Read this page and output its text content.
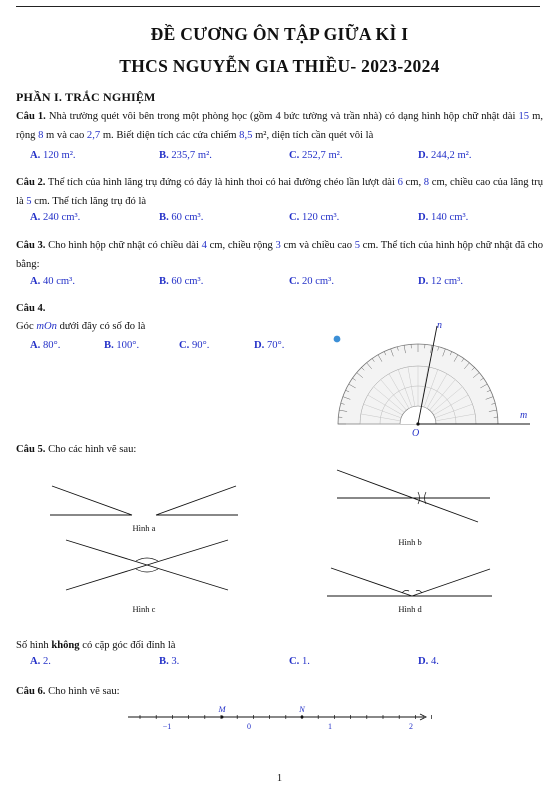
ĐỀ CƯƠNG ÔN TẬP GIỮA KÌ I
THCS NGUYỄN GIA THIỀU- 2023-2024
PHẦN I. TRẮC NGHIỆM
Câu 1. Nhà trường quét vôi bên trong một phòng học (gồm 4 bức tường và trần nhà) có dạng hình hộp chữ nhật dài 15 m, rộng 8 m và cao 2,7 m. Biết diện tích các cửa chiếm 8,5 m², diện tích cần quét vôi là
A. 120 m².	B. 235,7 m².	C. 252,7 m².	D. 244,2 m².
Câu 2. Thể tích của hình lăng trụ đứng có đáy là hình thoi có hai đường chéo lần lượt dài 6 cm, 8 cm, chiều cao của lăng trụ là 5 cm. Thể tích lăng trụ đó là
A. 240 cm³.	B. 60 cm³.	C. 120 cm³.	D. 140 cm³.
Câu 3. Cho hình hộp chữ nhật có chiều dài 4 cm, chiều rộng 3 cm và chiều cao 5 cm. Thể tích của hình hộp chữ nhật đã cho bằng:
A. 40 cm³.	B. 60 cm³.	C. 20 cm³.	D. 12 cm³.
Câu 4.
Góc mOn dưới đây có số đo là
A. 80°.	B. 100°.	C. 90°.	D. 70°.
n
m
O
Câu 5. Cho các hình vẽ sau:
Hình a
Hình b
Hình c	Hình d
Số hình không có cặp góc đối đỉnh là
A. 2.	B. 3.	C. 1.	D. 4.
Câu 6. Cho hình vẽ sau:
M	N
−1	0	1	2
1
